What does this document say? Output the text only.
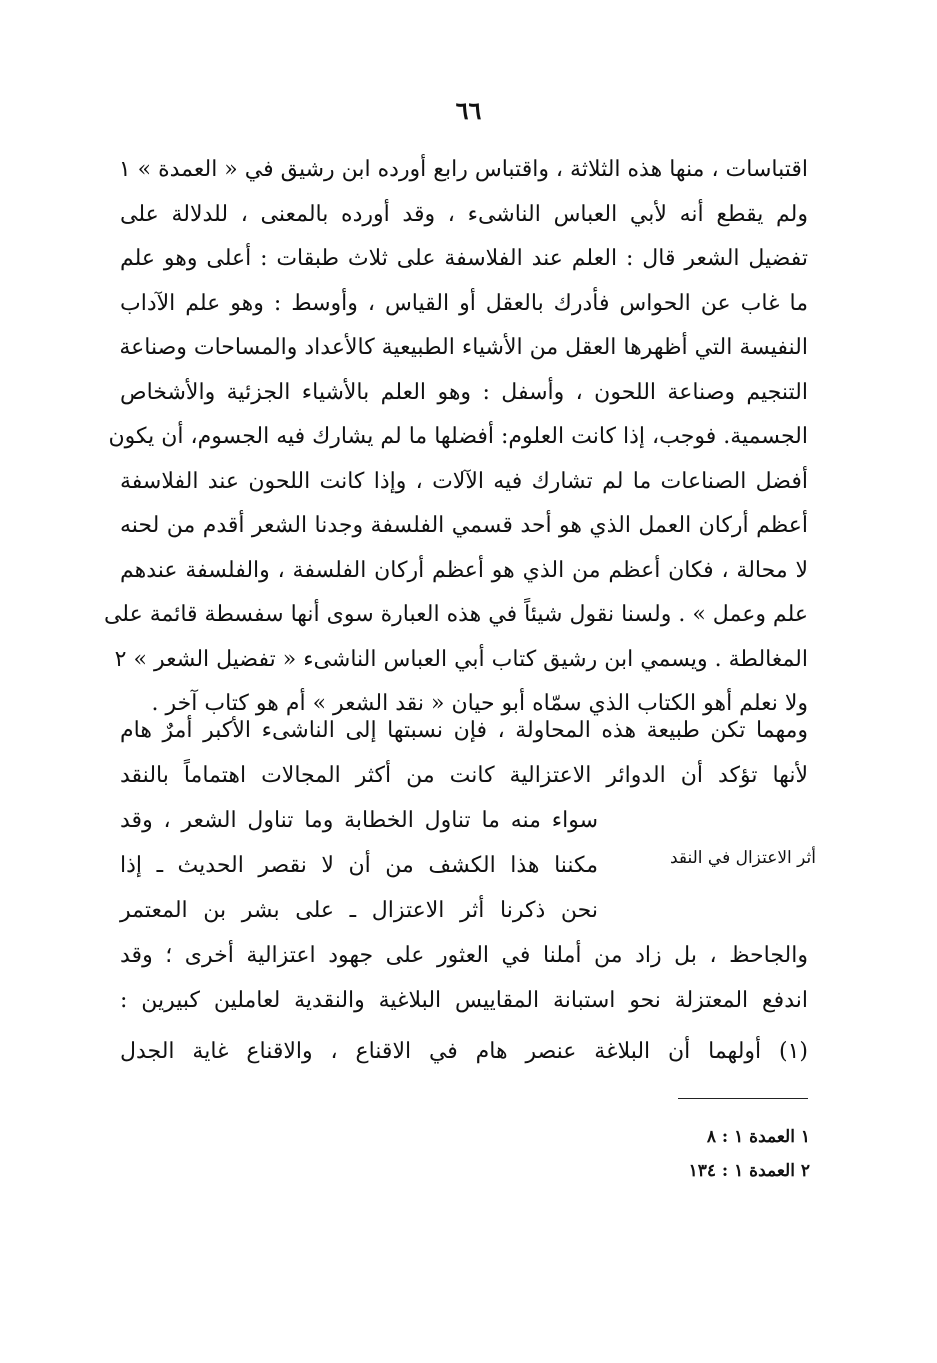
٦٦
اقتباسات ، منها هذه الثلاثة ، واقتباس رابع أورده ابن رشيق في « العمدة » ١
ولم يقطع أنه لأبي العباس الناشىء ، وقد أورده بالمعنى ، للدلالة على
تفضيل الشعر قال : العلم عند الفلاسفة على ثلاث طبقات : أعلى وهو علم
ما غاب عن الحواس فأدرك بالعقل أو القياس ، وأوسط : وهو علم الآداب
النفيسة التي أظهرها العقل من الأشياء الطبيعية كالأعداد والمساحات وصناعة
التنجيم وصناعة اللحون ، وأسفل : وهو العلم بالأشياء الجزئية والأشخاص
الجسمية. فوجب، إذا كانت العلوم: أفضلها ما لم يشارك فيه الجسوم، أن يكون
أفضل الصناعات ما لم تشارك فيه الآلات ، وإذا كانت اللحون عند الفلاسفة
أعظم أركان العمل الذي هو أحد قسمي الفلسفة وجدنا الشعر أقدم من لحنه
لا محالة ، فكان أعظم من الذي هو أعظم أركان الفلسفة ، والفلسفة عندهم
علم وعمل » . ولسنا نقول شيئاً في هذه العبارة سوى أنها سفسطة قائمة على
المغالطة . ويسمي ابن رشيق كتاب أبي العباس الناشىء « تفضيل الشعر » ٢
ولا نعلم أهو الكتاب الذي سمّاه أبو حيان « نقد الشعر » أم هو كتاب آخر .
ومهما تكن طبيعة هذه المحاولة ، فإن نسبتها إلى الناشىء الأكبر أمرٌ هام
لأنها تؤكد أن الدوائر الاعتزالية كانت من أكثر المجالات اهتماماً بالنقد
سواء منه ما تناول الخطابة وما تناول الشعر ، وقد
مكننا هذا الكشف من أن لا نقصر الحديث ـ إذا
نحن ذكرنا أثر الاعتزال ـ على بشر بن المعتمر
والجاحظ ، بل زاد من أملنا في العثور على جهود اعتزالية أخرى ؛ وقد
اندفع المعتزلة نحو استبانة المقاييس البلاغية والنقدية لعاملين كبيرين :
أثر الاعتزال في النقد
(١) أولهما أن البلاغة عنصر هام في الاقناع ، والاقناع غاية الجدل
١ العمدة ١ : ٨
٢ العمدة ١ : ١٣٤
